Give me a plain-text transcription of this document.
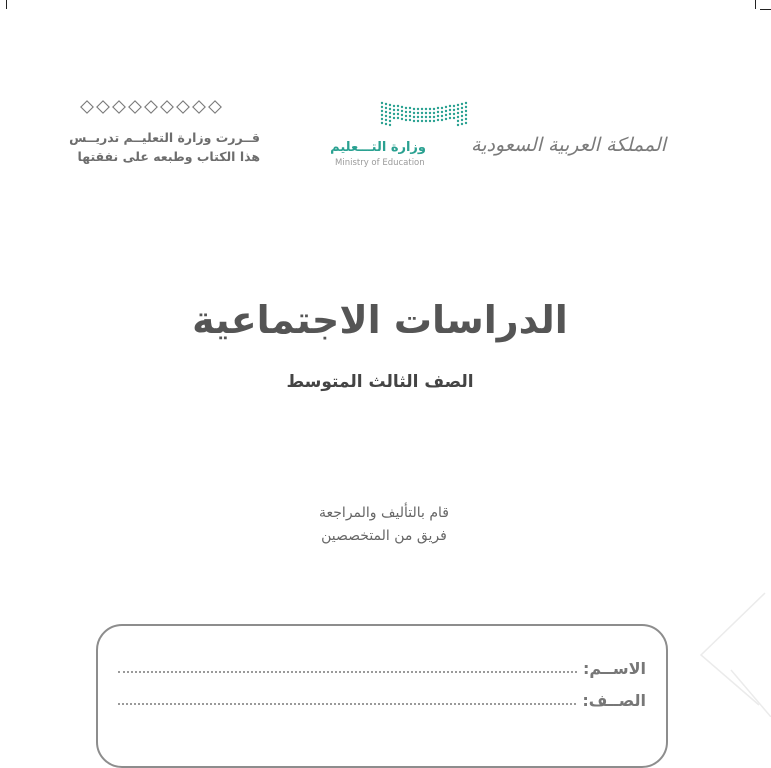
قــررت وزارة التعليــم تدريــس
هذا الكتاب وطبعه على نفقتها
وزارة التـــعليم
Ministry of Education
المملكة العربية السعودية
الدراسات الاجتماعية
الصف الثالث المتوسط
قام بالتأليف والمراجعة
فريق من المتخصصين
الاســم:
الصــف:
